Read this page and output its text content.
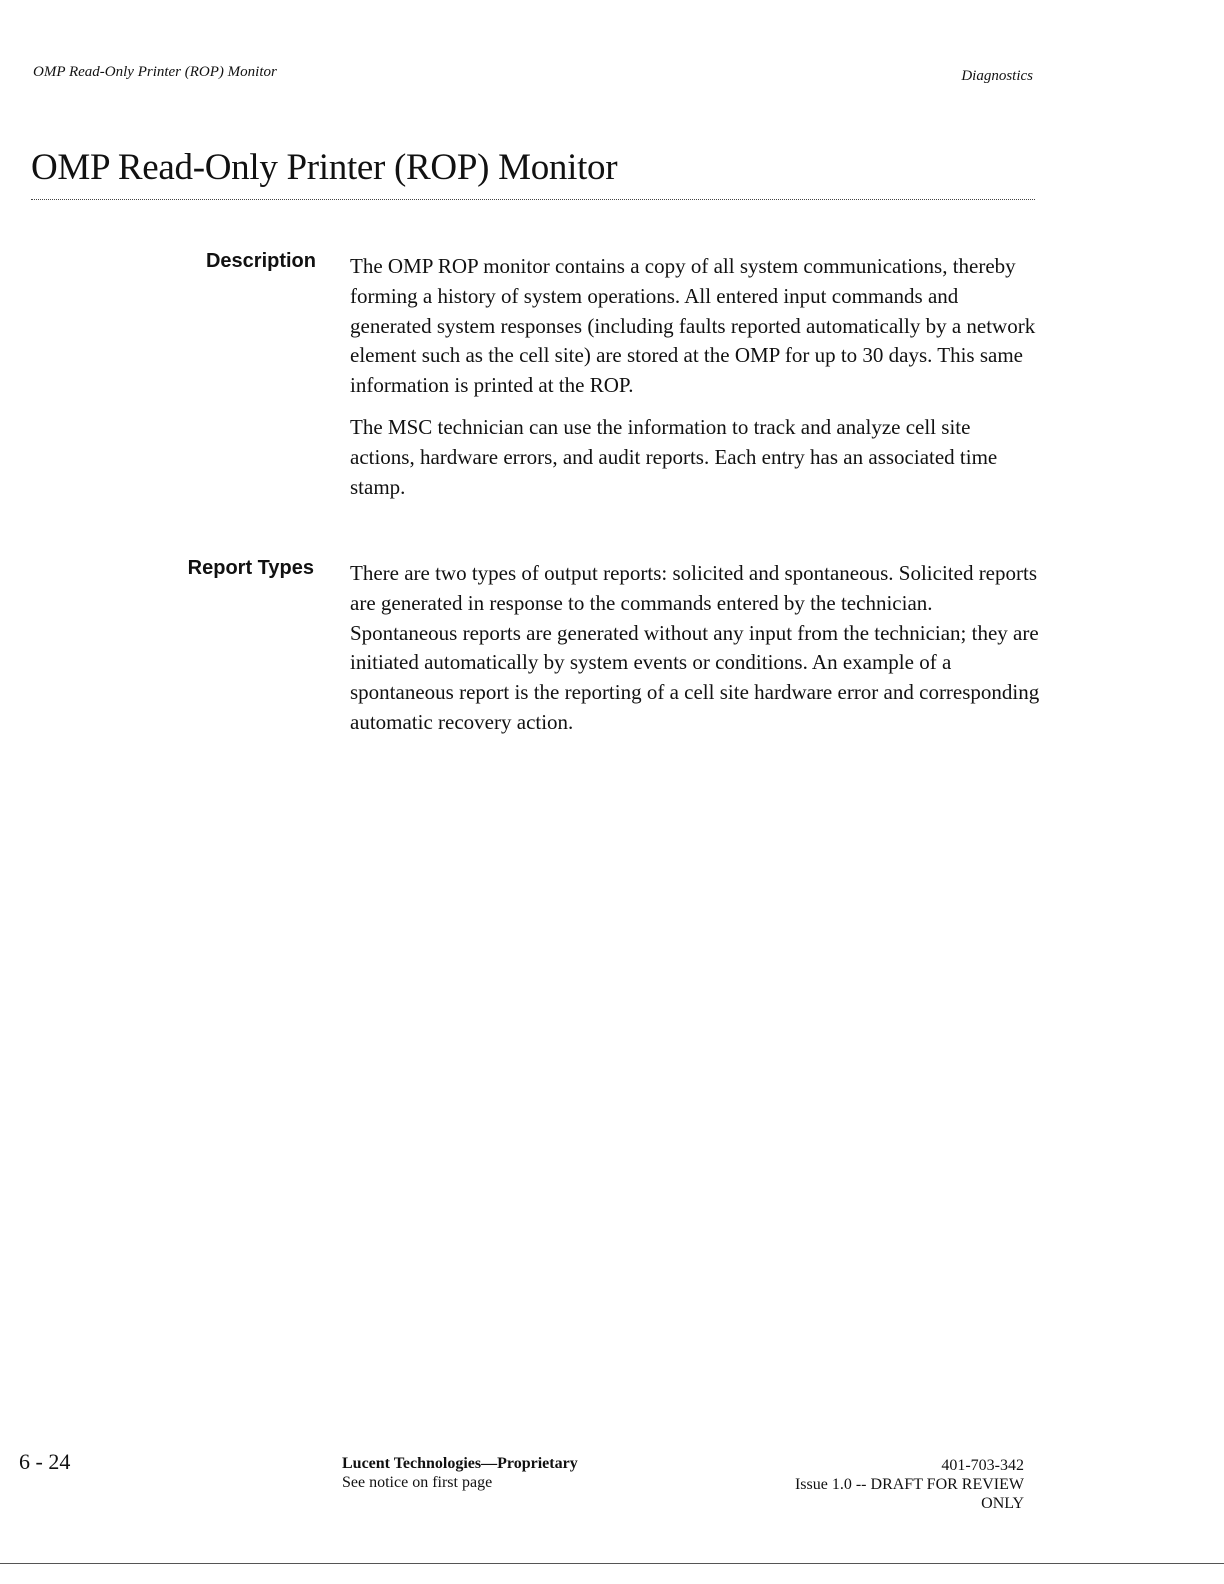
OMP Read-Only Printer (ROP) Monitor	Diagnostics
OMP Read-Only Printer (ROP) Monitor
Description The OMP ROP monitor contains a copy of all system communications, thereby forming a history of system operations. All entered input commands and generated system responses (including faults reported automatically by a network element such as the cell site) are stored at the OMP for up to 30 days. This same information is printed at the ROP.

The MSC technician can use the information to track and analyze cell site actions, hardware errors, and audit reports. Each entry has an associated time stamp.

Report Types There are two types of output reports: solicited and spontaneous. Solicited reports are generated in response to the commands entered by the technician. Spontaneous reports are generated without any input from the technician; they are initiated automatically by system events or conditions. An example of a spontaneous report is the reporting of a cell site hardware error and corresponding automatic recovery action.

6 - 24	Lucent Technologies—Proprietary
See notice on first page
401-703-342
Issue 1.0 -- DRAFT FOR REVIEW
ONLY
